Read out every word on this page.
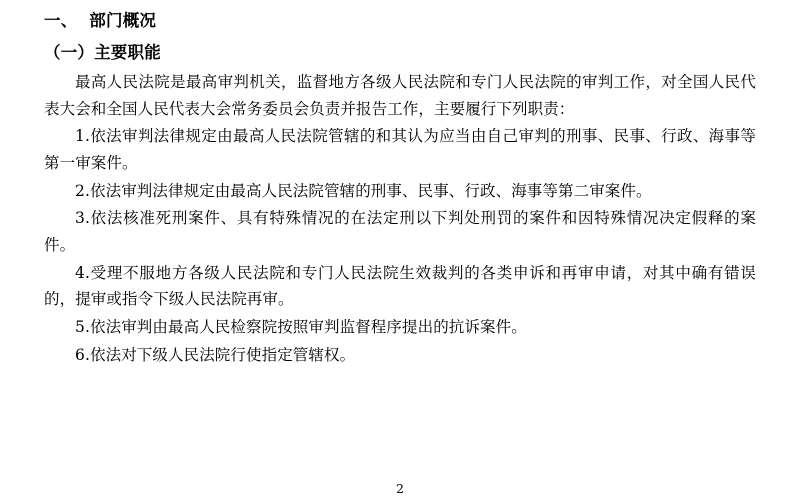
一、  部门概况
（一）主要职能

最高人民法院是最高审判机关，监督地方各级人民法院和专门人民法院的审判工作，对全国人民代表大会和全国人民代表大会常务委员会负责并报告工作，主要履行下列职责：

1.依法审判法律规定由最高人民法院管辖的和其认为应当由自己审判的刑事、民事、行政、海事等第一审案件。

2.依法审判法律规定由最高人民法院管辖的刑事、民事、行政、海事等第二审案件。

3.依法核准死刑案件、具有特殊情况的在法定刑以下判处刑罚的案件和因特殊情况决定假释的案件。

4.受理不服地方各级人民法院和专门人民法院生效裁判的各类申诉和再审申请，对其中确有错误的，提审或指令下级人民法院再审。

5.依法审判由最高人民检察院按照审判监督程序提出的抗诉案件。

6.依法对下级人民法院行使指定管辖权。

2
